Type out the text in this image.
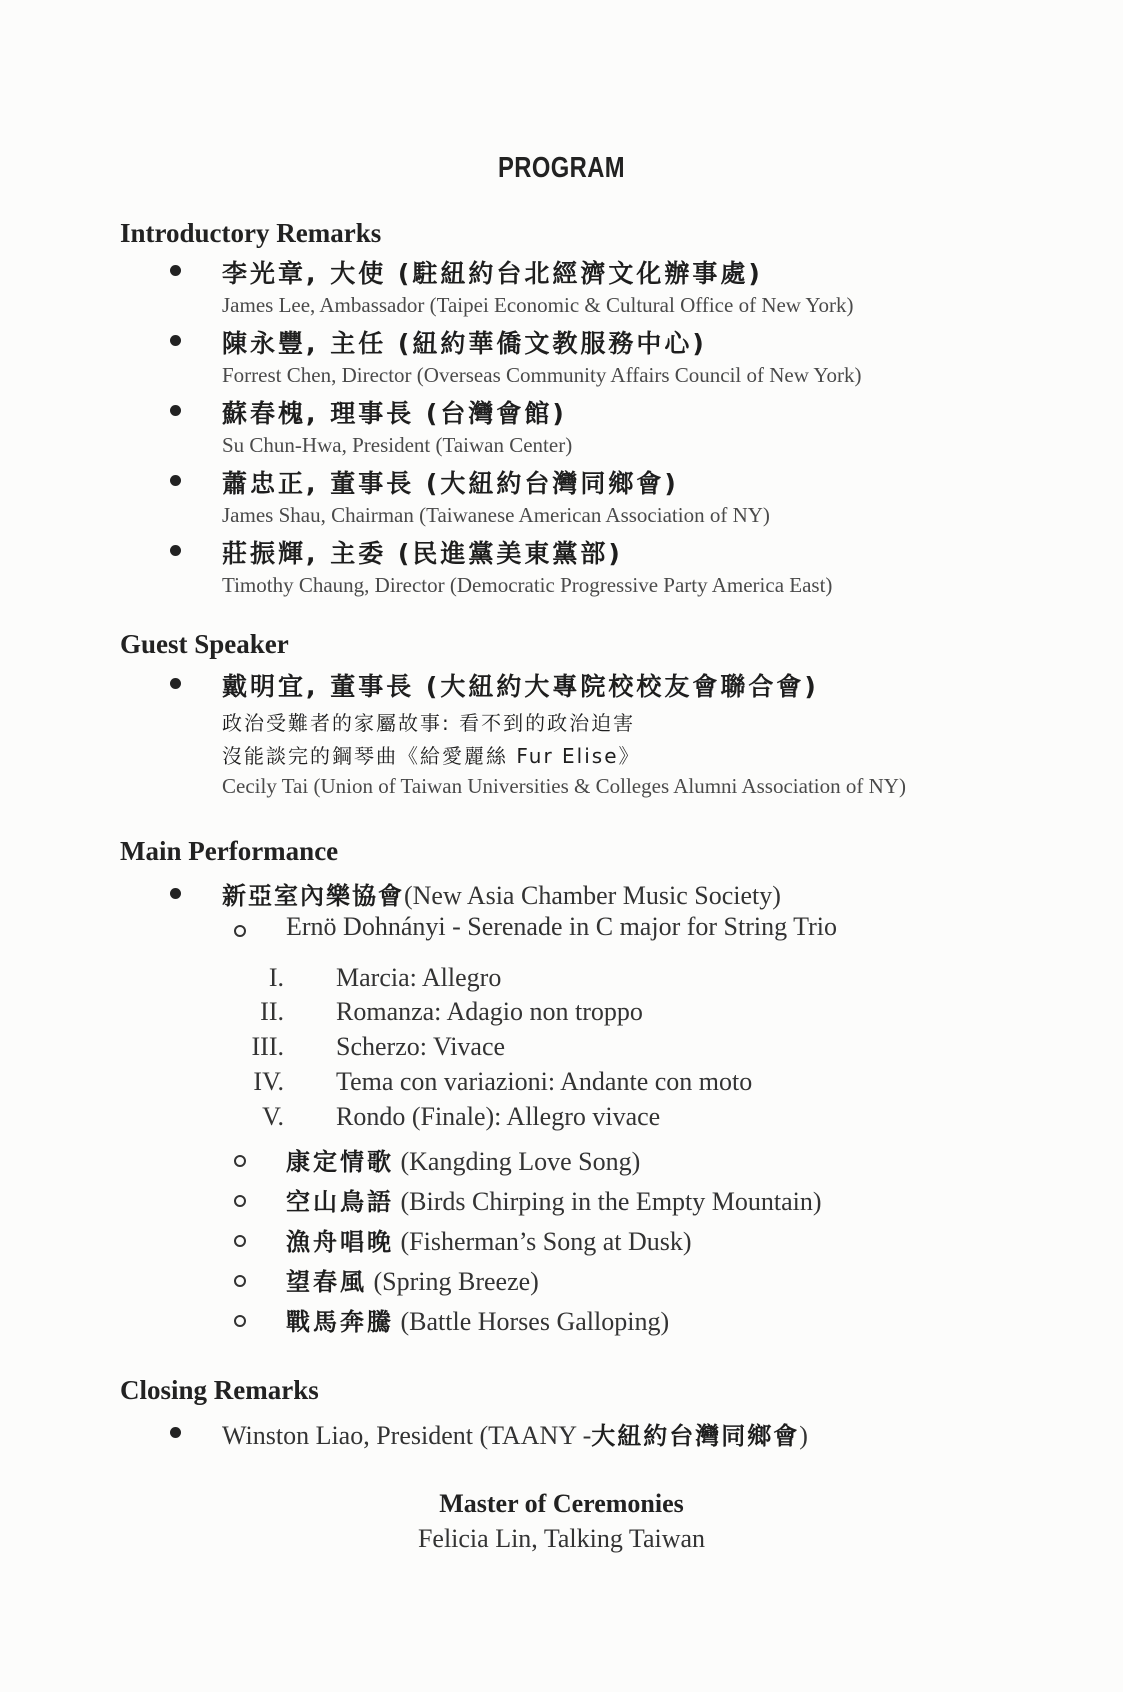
PROGRAM
Introductory Remarks
李光章, 大使 (駐紐約台北經濟文化辦事處)
James Lee, Ambassador (Taipei Economic & Cultural Office of New York)
陳永豐, 主任 (紐約華僑文教服務中心)
Forrest Chen, Director (Overseas Community Affairs Council of New York)
蘇春槐, 理事長 (台灣會館)
Su Chun-Hwa, President (Taiwan Center)
蕭忠正, 董事長 (大紐約台灣同鄉會)
James Shau, Chairman (Taiwanese American Association of NY)
莊振輝, 主委 (民進黨美東黨部)
Timothy Chaung, Director (Democratic Progressive Party America East)
Guest Speaker
戴明宜, 董事長 (大紐約大專院校校友會聯合會)
政治受難者的家屬故事: 看不到的政治迫害
沒能談完的鋼琴曲《給愛麗絲 Fur Elise》
Cecily Tai (Union of Taiwan Universities & Colleges Alumni Association of NY)
Main Performance
新亞室內樂協會(New Asia Chamber Music Society)
Ernö Dohnányi - Serenade in C major for String Trio
I. Marcia: Allegro
II. Romanza: Adagio non troppo
III. Scherzo: Vivace
IV. Tema con variazioni: Andante con moto
V. Rondo (Finale): Allegro vivace
康定情歌 (Kangding Love Song)
空山鳥語 (Birds Chirping in the Empty Mountain)
漁舟唱晚 (Fisherman’s Song at Dusk)
望春風 (Spring Breeze)
戰馬奔騰 (Battle Horses Galloping)
Closing Remarks
Winston Liao, President (TAANY -大紐約台灣同鄉會)
Master of Ceremonies
Felicia Lin, Talking Taiwan
